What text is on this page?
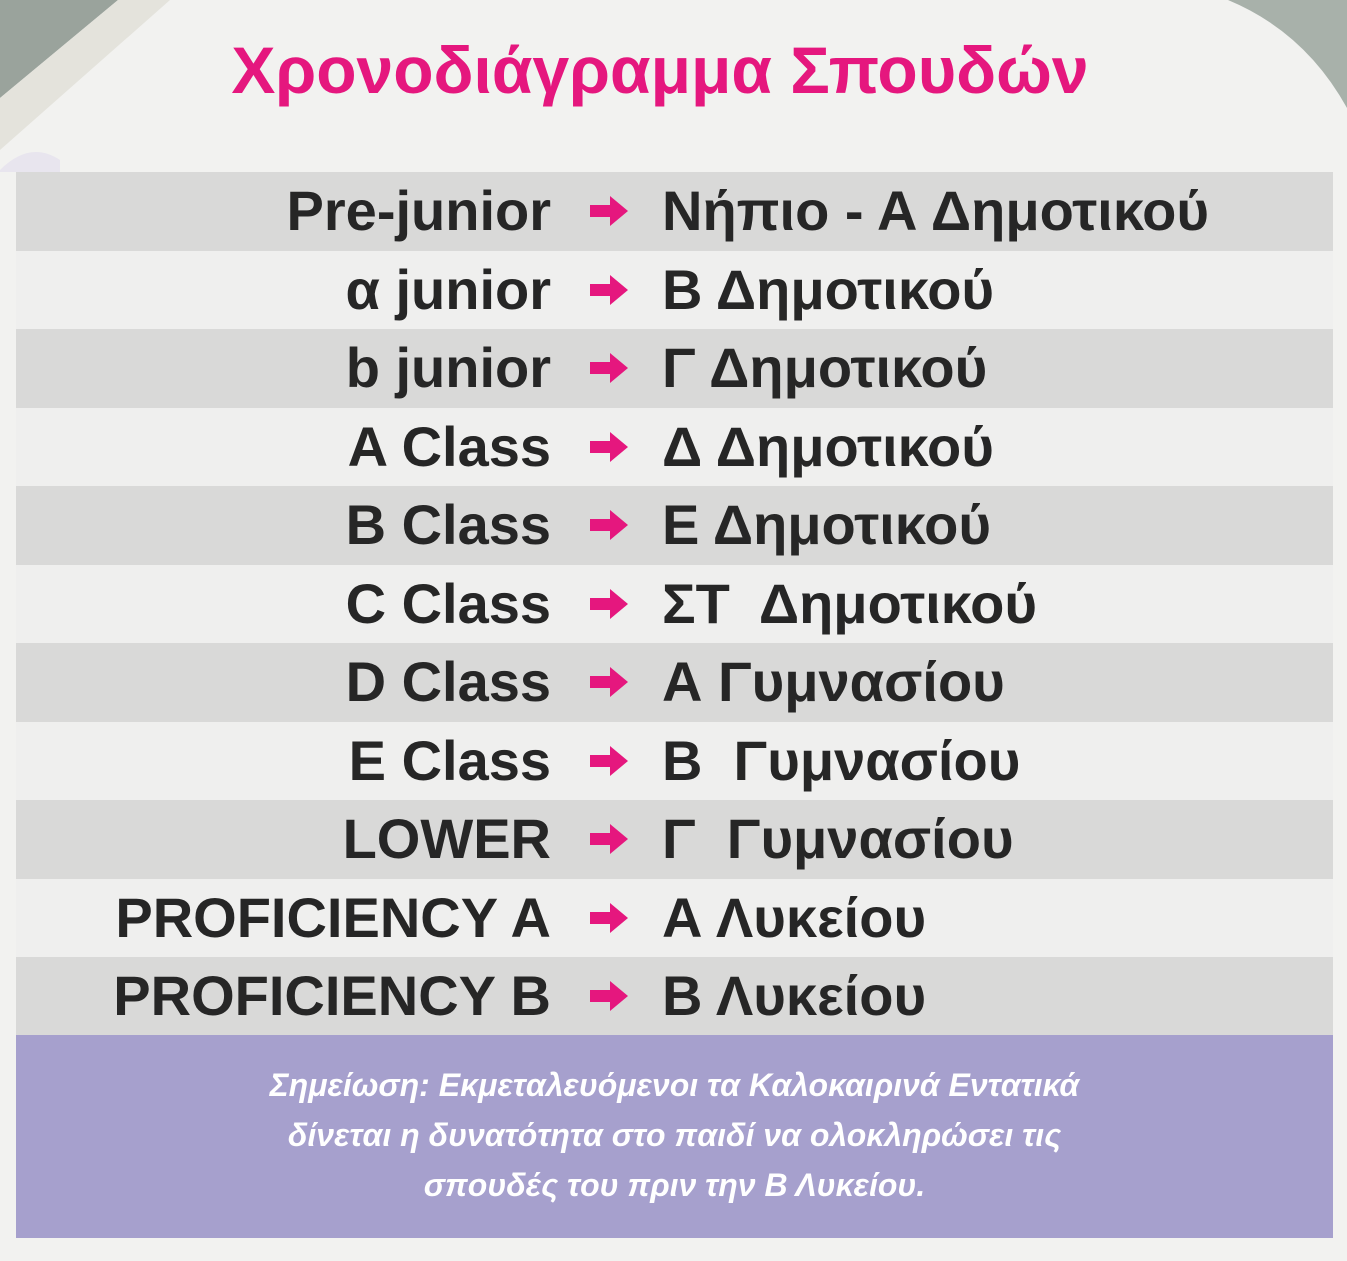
Χρονοδιάγραμμα Σπουδών
Pre-junior Νήπιο - Α Δημοτικού
α junior Β Δημοτικού
b junior Γ Δημοτικού
A Class Δ Δημοτικού
B Class Ε Δημοτικού
C Class ΣΤ  Δημοτικού
D Class Α Γυμνασίου
E Class Β  Γυμνασίου
LOWER Γ  Γυμνασίου
PROFICIENCY A Α Λυκείου
PROFICIENCY B Β Λυκείου
Σημείωση: Εκμεταλευόμενοι τα Καλοκαιρινά Εντατικά
δίνεται η δυνατότητα στο παιδί να ολοκληρώσει τις
σπουδές του πριν την Β Λυκείου.
